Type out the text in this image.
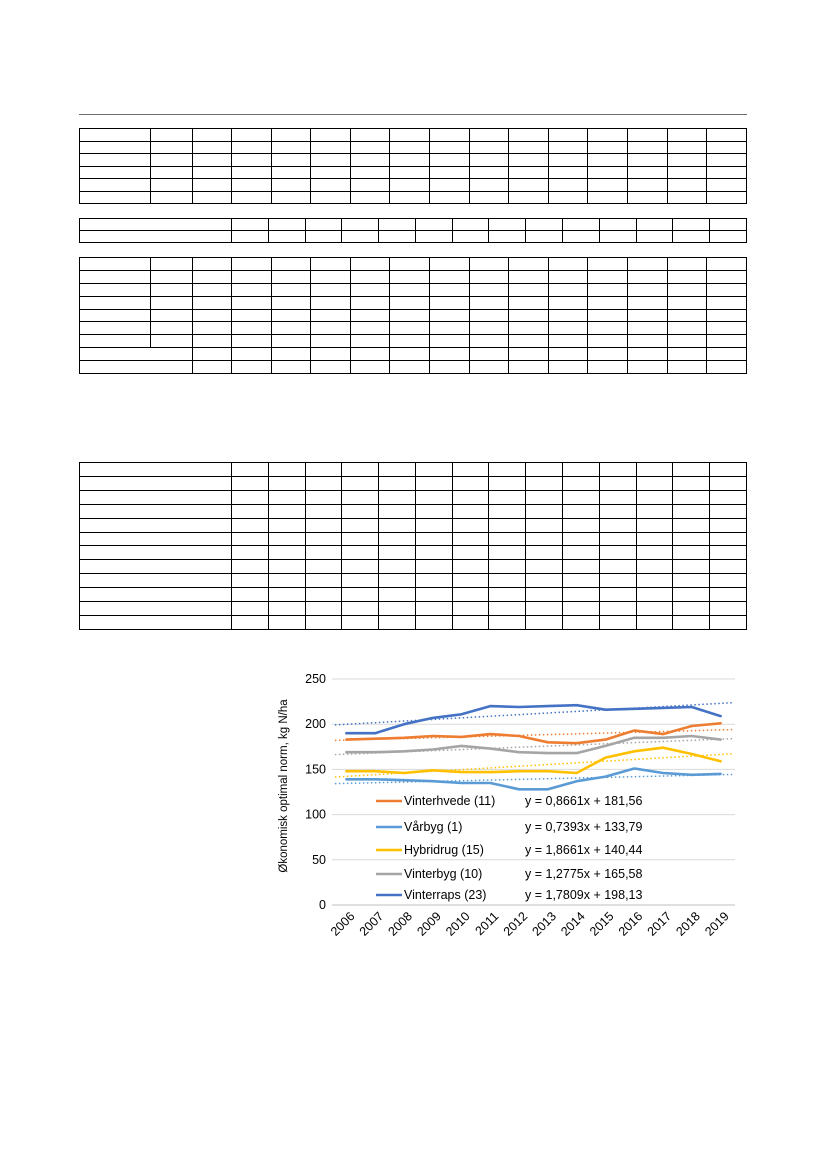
0
50
100
150
200
250
2006 2007 2008 2009 2010 2011 2012 2013 2014 2015 2016 2017 2018 2019
Vinterhvede (11) y = 0,8661x + 181,56
Vårbyg (1)	y = 0,7393x + 133,79
Hybridrug (15)	y = 1,8661x + 140,44
Vinterbyg (10)	y = 1,2775x + 165,58
Vinterraps (23)	y = 1,7809x + 198,13
Økonomisk optimal norm, kg N/ha
